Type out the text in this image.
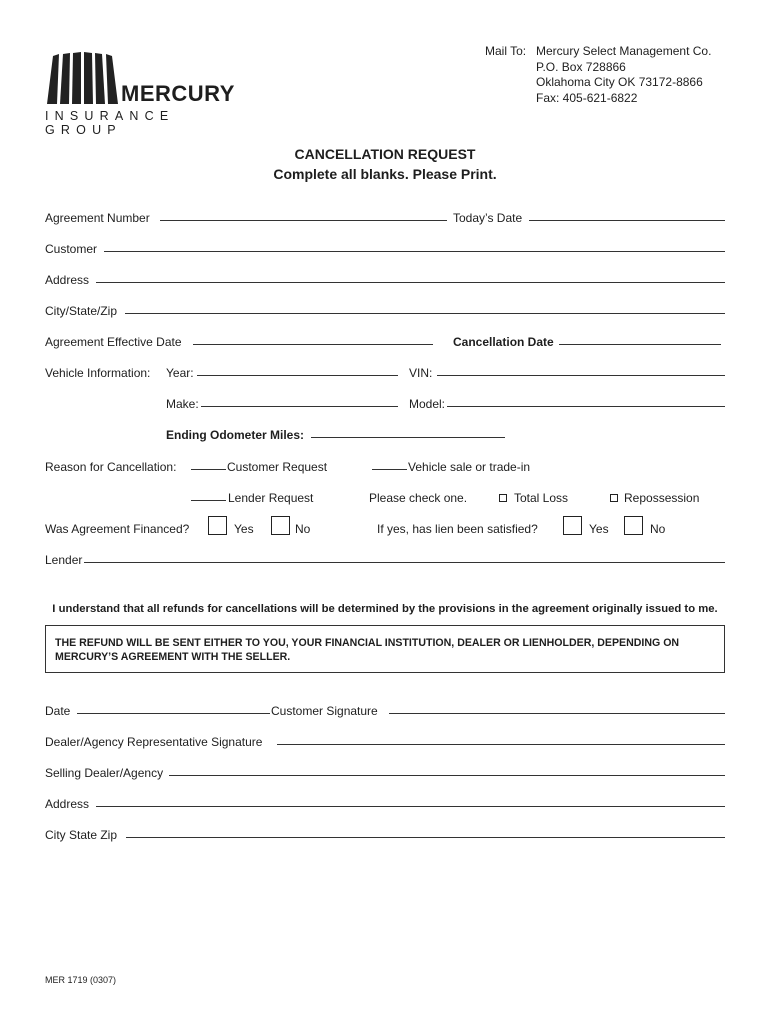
MERCURY
INSURANCE GROUP
Mail To: Mercury Select Management Co.
P.O. Box 728866
Oklahoma City OK 73172-8866
Fax: 405-621-6822
CANCELLATION REQUEST
Complete all blanks. Please Print.
Agreement Number	Today’s Date
Customer
Address
City/State/Zip
Agreement Effective Date	Cancellation Date
Vehicle Information: Year:	VIN:
Make:	Model:
Ending Odometer Miles:
Reason for Cancellation:	Customer Request	Vehicle sale or trade-in
Lender Request	Please check one.	Total Loss	Repossession
Was Agreement Financed?	Yes	No	If yes, has lien been satisfied?	Yes	No
Lender
I understand that all refunds for cancellations will be determined by the provisions in the agreement originally issued to me.

THE REFUND WILL BE SENT EITHER TO YOU, YOUR FINANCIAL INSTITUTION, DEALER OR LIENHOLDER, DEPENDING ON MERCURY’S AGREEMENT WITH THE SELLER.

Date	Customer Signature
Dealer/Agency Representative Signature
Selling Dealer/Agency
Address
City State Zip
MER 1719 (0307)
